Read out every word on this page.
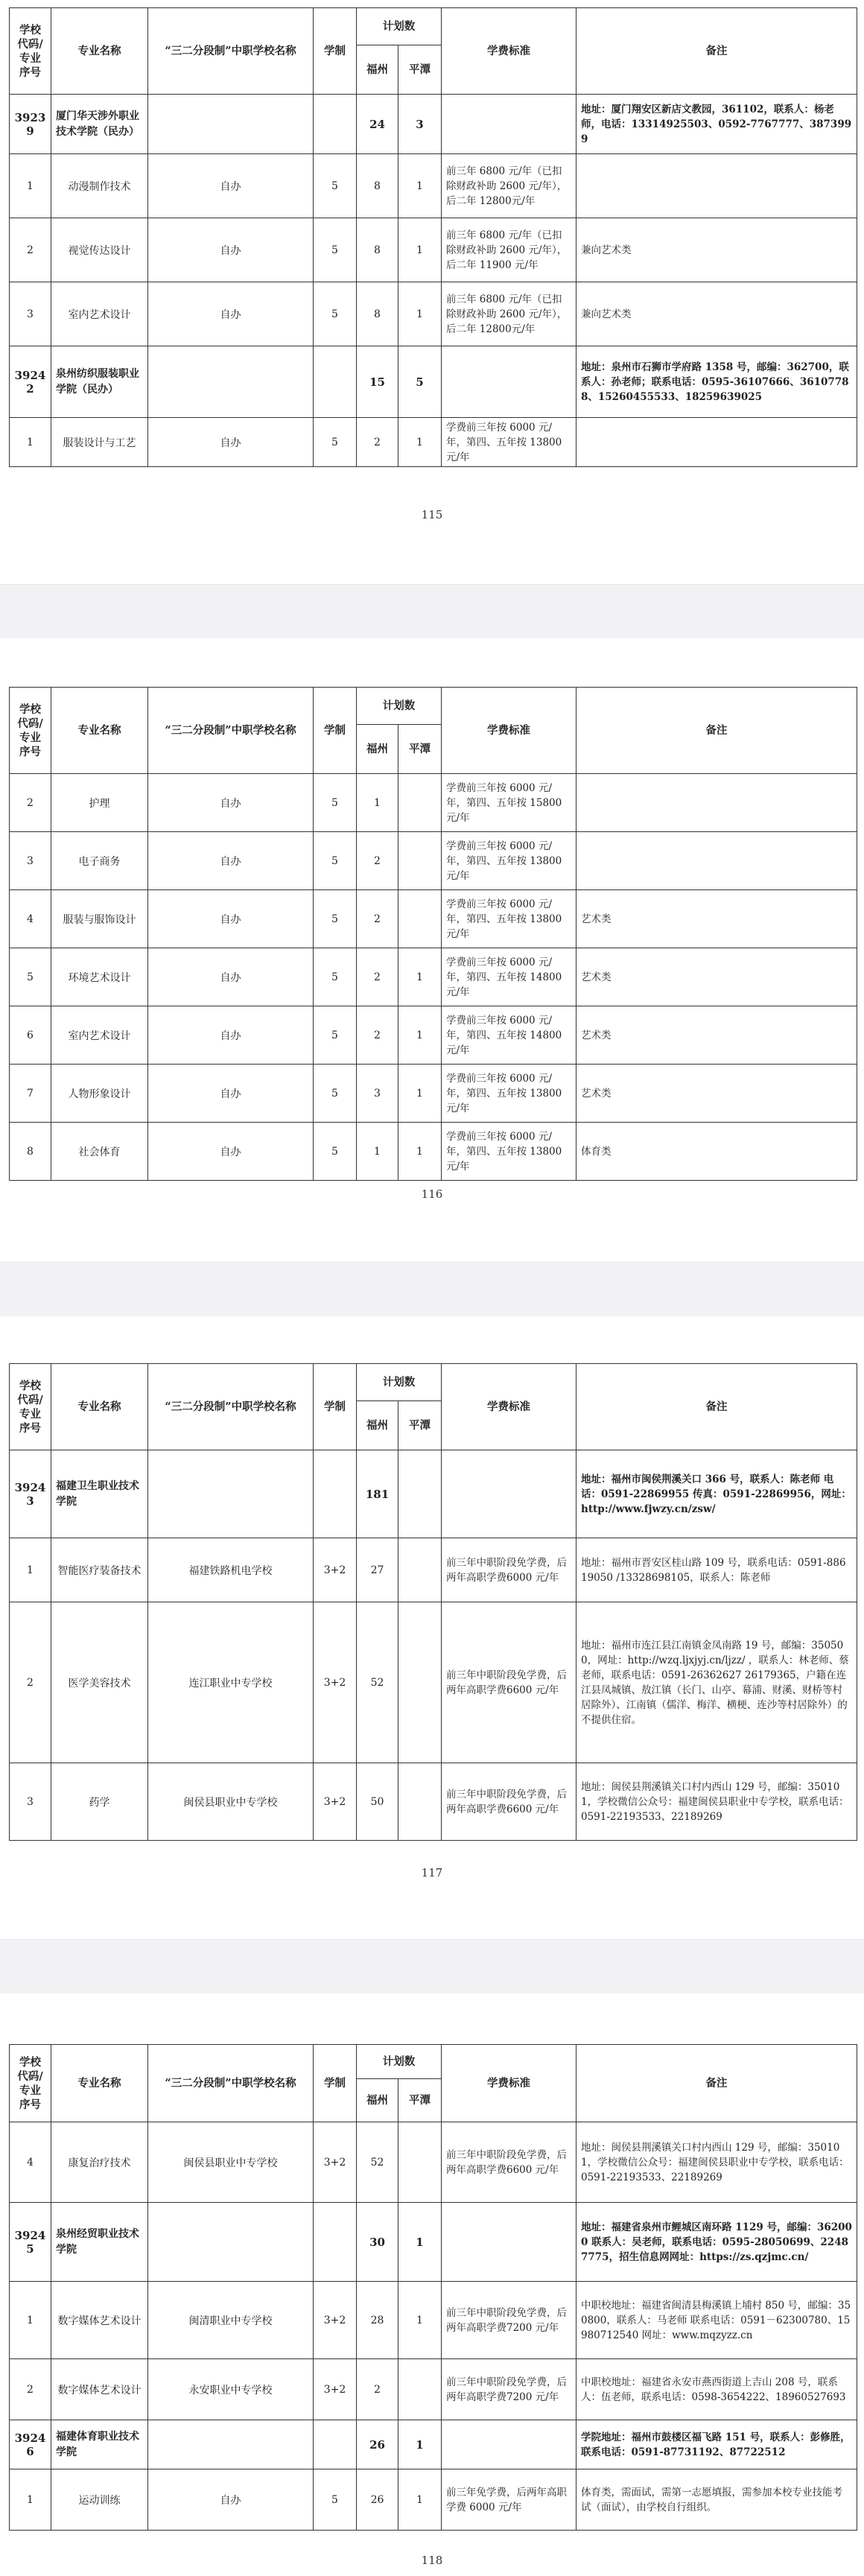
学校代码/专业序号	专业名称	“三二分段制”中职学校名称	学制	计划数		学费标准	备注
				福州	平潭		
39239	厦门华天涉外职业技术学院（民办）			24	3		地址：厦门翔安区新店文教园，361102，联系人：杨老师，电话：13314925503、0592-7767777、3873999
1	动漫制作技术	自办	5	8	1	前三年 6800 元/年（已扣除财政补助 2600 元/年），后二年 12800元/年	
2	视觉传达设计	自办	5	8	1	前三年 6800 元/年（已扣除财政补助 2600 元/年），后二年 11900 元/年	兼向艺术类
3	室内艺术设计	自办	5	8	1	前三年 6800 元/年（已扣除财政补助 2600 元/年），后二年 12800元/年	兼向艺术类
39242	泉州纺织服装职业学院（民办）			15	5		地址：泉州市石狮市学府路 1358 号，邮编：362700，联系人：孙老师；联系电话：0595-36107666、36107788、15260455533、18259639025
1	服装设计与工艺	自办	5	2	1	学费前三年按 6000 元/年，第四、五年按 13800元/年	
115
学校代码/专业序号	专业名称	“三二分段制”中职学校名称	学制	计划数		学费标准	备注
				福州	平潭		
2	护理	自办	5	1		学费前三年按 6000 元/年，第四、五年按 15800元/年	
3	电子商务	自办	5	2		学费前三年按 6000 元/年，第四、五年按 13800元/年	
4	服装与服饰设计	自办	5	2		学费前三年按 6000 元/年，第四、五年按 13800元/年	艺术类
5	环境艺术设计	自办	5	2	1	学费前三年按 6000 元/年，第四、五年按 14800元/年	艺术类
6	室内艺术设计	自办	5	2	1	学费前三年按 6000 元/年，第四、五年按 14800元/年	艺术类
7	人物形象设计	自办	5	3	1	学费前三年按 6000 元/年，第四、五年按 13800元/年	艺术类
8	社会体育	自办	5	1	1	学费前三年按 6000 元/年，第四、五年按 13800元/年	体育类
116
学校代码/专业序号	专业名称	“三二分段制”中职学校名称	学制	计划数		学费标准	备注
				福州	平潭		
39243	福建卫生职业技术学院			181			地址：福州市闽侯荆溪关口 366 号，联系人：陈老师 电话：0591-22869955 传真：0591-22869956，网址：http://www.fjwzy.cn/zsw/
1	智能医疗装备技术	福建铁路机电学校	3+2	27		前三年中职阶段免学费，后两年高职学费6000 元/年	地址：福州市晋安区桂山路 109 号，联系电话：0591-88619050 /13328698105，联系人：陈老师
2	医学美容技术	连江职业中专学校	3+2	52		前三年中职阶段免学费，后两年高职学费6600 元/年	地址：福州市连江县江南镇金凤南路 19 号，邮编：350500，网址：http://wzq.ljxjyj.cn/ljzz/ ，联系人：林老师、蔡老师，联系电话：0591-26362627 26179365，户籍在连江县凤城镇、敖江镇（长门、山亭、幕浦、财溪、财桥等村居除外）、江南镇（儒洋、梅洋、横梗、连沙等村居除外）的不提供住宿。
3	药学	闽侯县职业中专学校	3+2	50		前三年中职阶段免学费，后两年高职学费6600 元/年	地址：闽侯县荆溪镇关口村内西山 129 号，邮编：350101，学校微信公众号：福建闽侯县职业中专学校，联系电话：0591-22193533、22189269
117
学校代码/专业序号	专业名称	“三二分段制”中职学校名称	学制	计划数		学费标准	备注
				福州	平潭		
4	康复治疗技术	闽侯县职业中专学校	3+2	52		前三年中职阶段免学费，后两年高职学费6600 元/年	地址：闽侯县荆溪镇关口村内西山 129 号，邮编：350101，学校微信公众号：福建闽侯县职业中专学校，联系电话：0591-22193533、22189269
39245	泉州经贸职业技术学院			30	1		地址：福建省泉州市鲤城区南环路 1129 号，邮编：362000 联系人：吴老师，联系电话：0595-28050699、22487775，招生信息网网址：https://zs.qzjmc.cn/
1	数字媒体艺术设计	闽清职业中专学校	3+2	28	1	前三年中职阶段免学费，后两年高职学费7200 元/年	中职校地址：福建省闽清县梅溪镇上埔村 850 号，邮编：350800，联系人：马老师 联系电话：0591－62300780、15980712540 网址：www.mqzyzz.cn
2	数字媒体艺术设计	永安职业中专学校	3+2	2		前三年中职阶段免学费，后两年高职学费7200 元/年	中职校地址：福建省永安市燕西街道上吉山 208 号，联系人：伍老师，联系电话：0598-3654222、18960527693
39246	福建体育职业技术学院			26	1		学院地址：福州市鼓楼区福飞路 151 号，联系人：彭修胜，联系电话：0591-87731192、87722512
1	运动训练	自办	5	26	1	前三年免学费，后两年高职学费 6000 元/年	体育类，需面试，需第一志愿填报，需参加本校专业技能考试（面试），由学校自行组织。
118
